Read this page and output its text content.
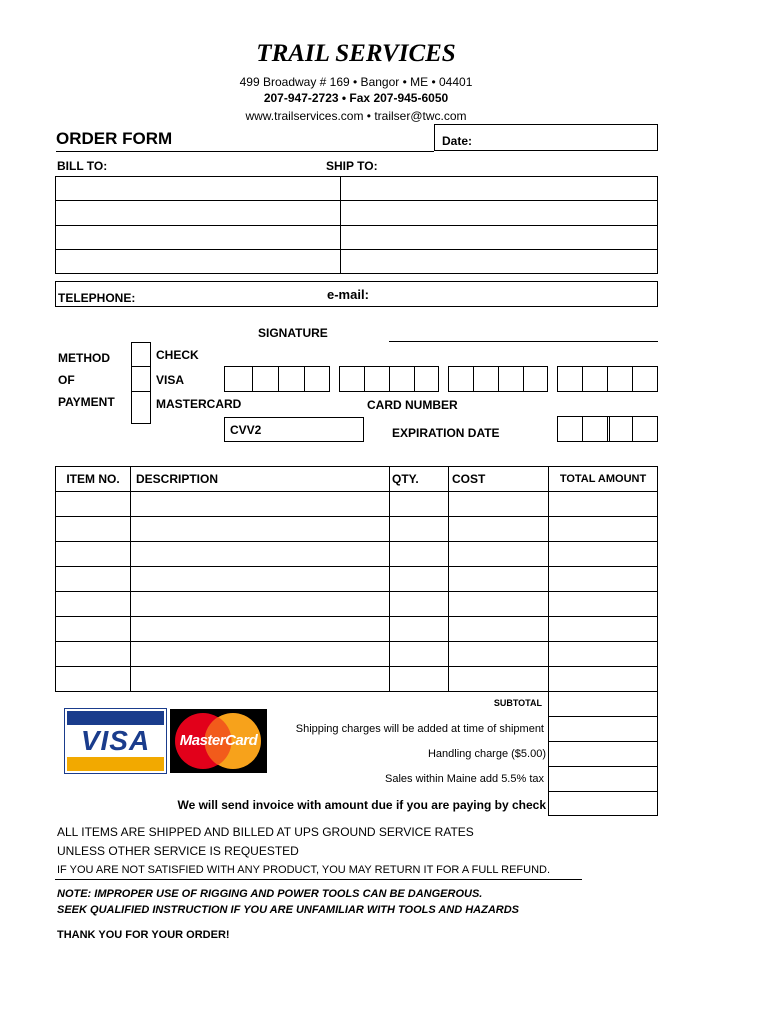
TRAIL SERVICES
499 Broadway # 169 • Bangor • ME • 04401
207-947-2723 • Fax 207-945-6050
www.trailservices.com • trailser@twc.com
ORDER FORM	Date:
BILL TO:	SHIP TO:
TELEPHONE:	e-mail:
SIGNATURE
METHOD
OF
PAYMENT
CHECK
VISA
MASTERCARD	CARD NUMBER
CVV2	EXPIRATION DATE
ITEM NO.	DESCRIPTION	QTY.	COST	TOTAL AMOUNT
SUBTOTAL
Shipping charges will be added at time of shipment
Handling charge ($5.00)
Sales within Maine add 5.5% tax
We will send invoice with amount due if you are paying by check
VISA	MasterCard
ALL ITEMS ARE SHIPPED AND BILLED AT UPS GROUND SERVICE RATES
UNLESS OTHER SERVICE IS REQUESTED
IF YOU ARE NOT SATISFIED WITH ANY PRODUCT, YOU MAY RETURN IT FOR A FULL REFUND.
NOTE: IMPROPER USE OF RIGGING AND POWER TOOLS CAN BE DANGEROUS.
SEEK QUALIFIED INSTRUCTION IF YOU ARE UNFAMILIAR WITH TOOLS AND HAZARDS
THANK YOU FOR YOUR ORDER!
